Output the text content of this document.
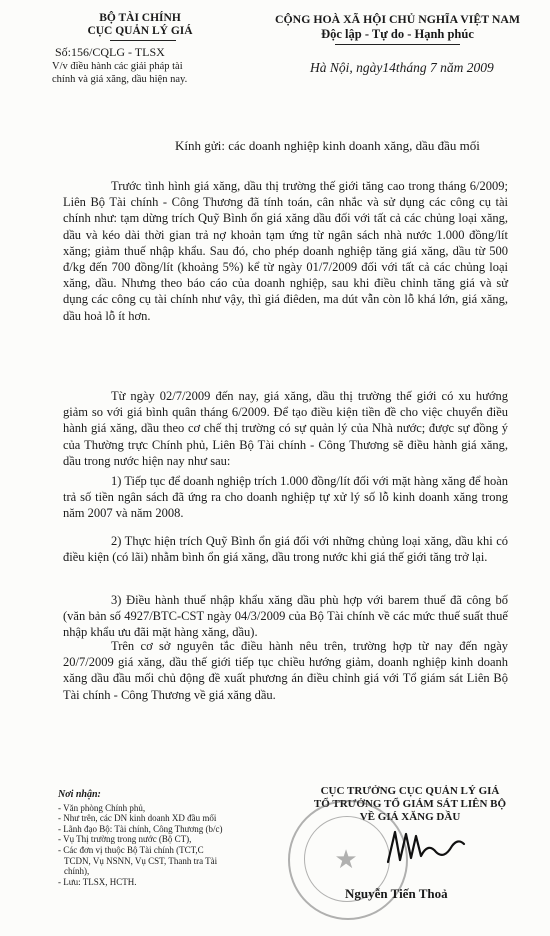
BỘ TÀI CHÍNH
CỤC QUẢN LÝ GIÁ
Số:156/CQLG - TLSX
V/v điều hành các giải pháp tài
chính và giá xăng, dầu hiện nay.
CỘNG HOÀ XÃ HỘI CHỦ NGHĨA VIỆT NAM
Độc lập - Tự do - Hạnh phúc
Hà Nội, ngày14tháng 7 năm 2009
Kính gửi: các doanh nghiệp kinh doanh xăng, dầu đầu mối
Trước tình hình giá xăng, dầu thị trường thế giới tăng cao trong tháng 6/2009; Liên Bộ Tài chính - Công Thương đã tính toán, cân nhắc và sử dụng các công cụ tài chính như: tạm dừng trích Quỹ Bình ổn giá xăng dầu đối với tất cả các chủng loại xăng, dầu và kéo dài thời gian trả nợ khoản tạm ứng từ ngân sách nhà nước 1.000 đồng/lít xăng; giảm thuế nhập khẩu. Sau đó, cho phép doanh nghiệp tăng giá xăng, dầu từ 500 đ/kg đến 700 đồng/lít (khoảng 5%) kể từ ngày 01/7/2009 đối với tất cả các chủng loại xăng, dầu. Nhưng theo báo cáo của doanh nghiệp, sau khi điều chỉnh tăng giá và sử dụng các công cụ tài chính như vậy, thì giá điêden, ma dút vẫn còn lỗ khá lớn, giá xăng, dầu hoả lỗ ít hơn.
Từ ngày 02/7/2009 đến nay, giá xăng, dầu thị trường thế giới có xu hướng giảm so với giá bình quân tháng 6/2009. Để tạo điều kiện tiền đề cho việc chuyển điều hành giá xăng, dầu theo cơ chế thị trường có sự quản lý của Nhà nước; được sự đồng ý của Thường trực Chính phủ, Liên Bộ Tài chính - Công Thương sẽ điều hành giá xăng, dầu trong nước hiện nay như sau:
1) Tiếp tục để doanh nghiệp trích 1.000 đồng/lít đối với mặt hàng xăng để hoàn trả số tiền ngân sách đã ứng ra cho doanh nghiệp tự xử lý số lỗ kinh doanh xăng trong năm 2007 và năm 2008.
2) Thực hiện trích Quỹ Bình ổn giá đối với những chủng loại xăng, dầu khi có điều kiện (có lãi) nhằm bình ổn giá xăng, dầu trong nước khi giá thế giới tăng trở lại.
3) Điều hành thuế nhập khẩu xăng dầu phù hợp với barem thuế đã công bố (văn bản số 4927/BTC-CST ngày 04/3/2009 của Bộ Tài chính về các mức thuế suất thuế nhập khẩu ưu đãi mặt hàng xăng, dầu).
Trên cơ sở nguyên tắc điều hành nêu trên, trường hợp từ nay đến ngày 20/7/2009 giá xăng, dầu thế giới tiếp tục chiều hướng giảm, doanh nghiệp kinh doanh xăng dầu đầu mối chủ động đề xuất phương án điều chỉnh giá với Tổ giám sát Liên Bộ Tài chính - Công Thương về giá xăng dầu.
Nơi nhận:
- Văn phòng Chính phủ,
- Như trên, các DN kinh doanh XD đầu mối
- Lãnh đạo Bộ: Tài chính, Công Thương (b/c)
- Vụ Thị trường trong nước (Bộ CT),
- Các đơn vị thuộc Bộ Tài chính (TCT,C
TCDN, Vụ NSNN, Vụ CST, Thanh tra Tài
chính),
- Lưu: TLSX, HCTH.
CỤC TRƯỞNG CỤC QUẢN LÝ GIÁ
TỔ TRƯỞNG TỔ GIÁM SÁT LIÊN BỘ
VỀ GIÁ XĂNG DẦU
★
Nguyễn Tiến Thoả
